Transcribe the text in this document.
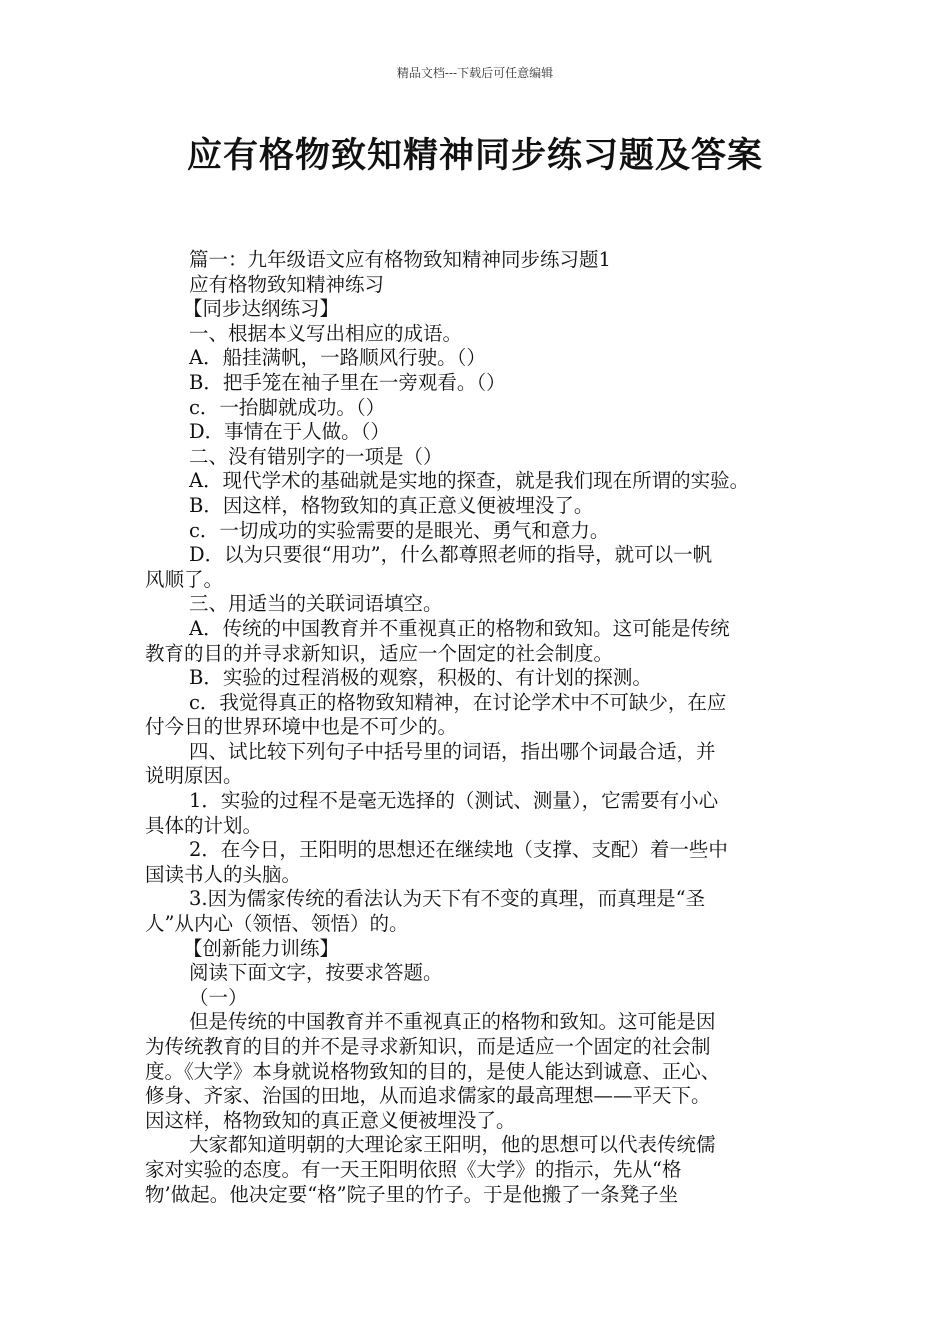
精品文档---下载后可任意编辑
应有格物致知精神同步练习题及答案
篇一：九年级语文应有格物致知精神同步练习题1
应有格物致知精神练习
【同步达纲练习】
一、根据本义写出相应的成语。
A．船挂满帆，一路顺风行驶。（）
B．把手笼在袖子里在一旁观看。（）
c．一抬脚就成功。（）
D．事情在于人做。（）
二、没有错别字的一项是（）
A．现代学术的基础就是实地的探查，就是我们现在所谓的实验。
B．因这样，格物致知的真正意义便被埋没了。
c．一切成功的实验需要的是眼光、勇气和意力。
D．以为只要很“用功”，什么都尊照老师的指导，就可以一帆
风顺了。
三、用适当的关联词语填空。
A．传统的中国教育并不重视真正的格物和致知。这可能是传统
教育的目的并寻求新知识，适应一个固定的社会制度。
B．实验的过程消极的观察，积极的、有计划的探测。
c．我觉得真正的格物致知精神，在讨论学术中不可缺少，在应
付今日的世界环境中也是不可少的。
四、试比较下列句子中括号里的词语，指出哪个词最合适，并
说明原因。
1．实验的过程不是毫无选择的（测试、测量），它需要有小心
具体的计划。
2．在今日，王阳明的思想还在继续地（支撑、支配）着一些中
国读书人的头脑。
3.因为儒家传统的看法认为天下有不变的真理，而真理是“圣
人”从内心（领悟、领悟）的。
【创新能力训练】
阅读下面文字，按要求答题。
（一）
但是传统的中国教育并不重视真正的格物和致知。这可能是因
为传统教育的目的并不是寻求新知识，而是适应一个固定的社会制
度。《大学》本身就说格物致知的目的，是使人能达到诚意、正心、
修身、齐家、治国的田地，从而追求儒家的最高理想——平天下。
因这样，格物致知的真正意义便被埋没了。
大家都知道明朝的大理论家王阳明，他的思想可以代表传统儒
家对实验的态度。有一天王阳明依照《大学》的指示，先从“格
物’做起。他决定要“格”院子里的竹子。于是他搬了一条凳子坐
